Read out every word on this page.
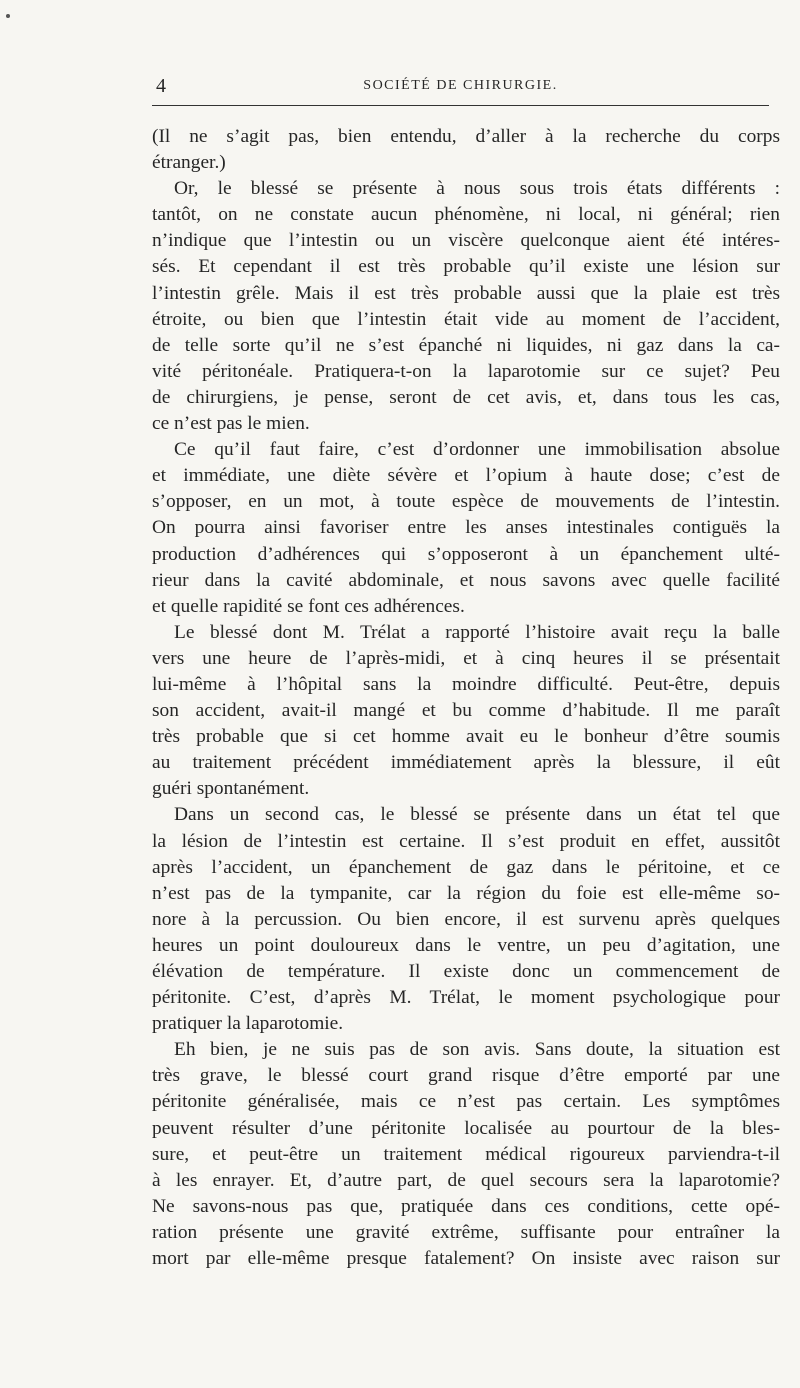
4	SOCIÉTÉ DE CHIRURGIE.
(Il ne s’agit pas, bien entendu, d’aller à la recherche du corps
étranger.)
Or, le blessé se présente à nous sous trois états différents :
tantôt, on ne constate aucun phénomène, ni local, ni général; rien
n’indique que l’intestin ou un viscère quelconque aient été intéres-
sés. Et cependant il est très probable qu’il existe une lésion sur
l’intestin grêle. Mais il est très probable aussi que la plaie est très
étroite, ou bien que l’intestin était vide au moment de l’accident,
de telle sorte qu’il ne s’est épanché ni liquides, ni gaz dans la ca-
vité péritonéale. Pratiquera-t-on la laparotomie sur ce sujet? Peu
de chirurgiens, je pense, seront de cet avis, et, dans tous les cas,
ce n’est pas le mien.
Ce qu’il faut faire, c’est d’ordonner une immobilisation absolue
et immédiate, une diète sévère et l’opium à haute dose; c’est de
s’opposer, en un mot, à toute espèce de mouvements de l’intestin.
On pourra ainsi favoriser entre les anses intestinales contiguës la
production d’adhérences qui s’opposeront à un épanchement ulté-
rieur dans la cavité abdominale, et nous savons avec quelle facilité
et quelle rapidité se font ces adhérences.
Le blessé dont M. Trélat a rapporté l’histoire avait reçu la balle
vers une heure de l’après-midi, et à cinq heures il se présentait
lui-même à l’hôpital sans la moindre difficulté. Peut-être, depuis
son accident, avait-il mangé et bu comme d’habitude. Il me paraît
très probable que si cet homme avait eu le bonheur d’être soumis
au traitement précédent immédiatement après la blessure, il eût
guéri spontanément.
Dans un second cas, le blessé se présente dans un état tel que
la lésion de l’intestin est certaine. Il s’est produit en effet, aussitôt
après l’accident, un épanchement de gaz dans le péritoine, et ce
n’est pas de la tympanite, car la région du foie est elle-même so-
nore à la percussion. Ou bien encore, il est survenu après quelques
heures un point douloureux dans le ventre, un peu d’agitation, une
élévation de température. Il existe donc un commencement de
péritonite. C’est, d’après M. Trélat, le moment psychologique pour
pratiquer la laparotomie.
Eh bien, je ne suis pas de son avis. Sans doute, la situation est
très grave, le blessé court grand risque d’être emporté par une
péritonite généralisée, mais ce n’est pas certain. Les symptômes
peuvent résulter d’une péritonite localisée au pourtour de la bles-
sure, et peut-être un traitement médical rigoureux parviendra-t-il
à les enrayer. Et, d’autre part, de quel secours sera la laparotomie?
Ne savons-nous pas que, pratiquée dans ces conditions, cette opé-
ration présente une gravité extrême, suffisante pour entraîner la
mort par elle-même presque fatalement? On insiste avec raison sur
